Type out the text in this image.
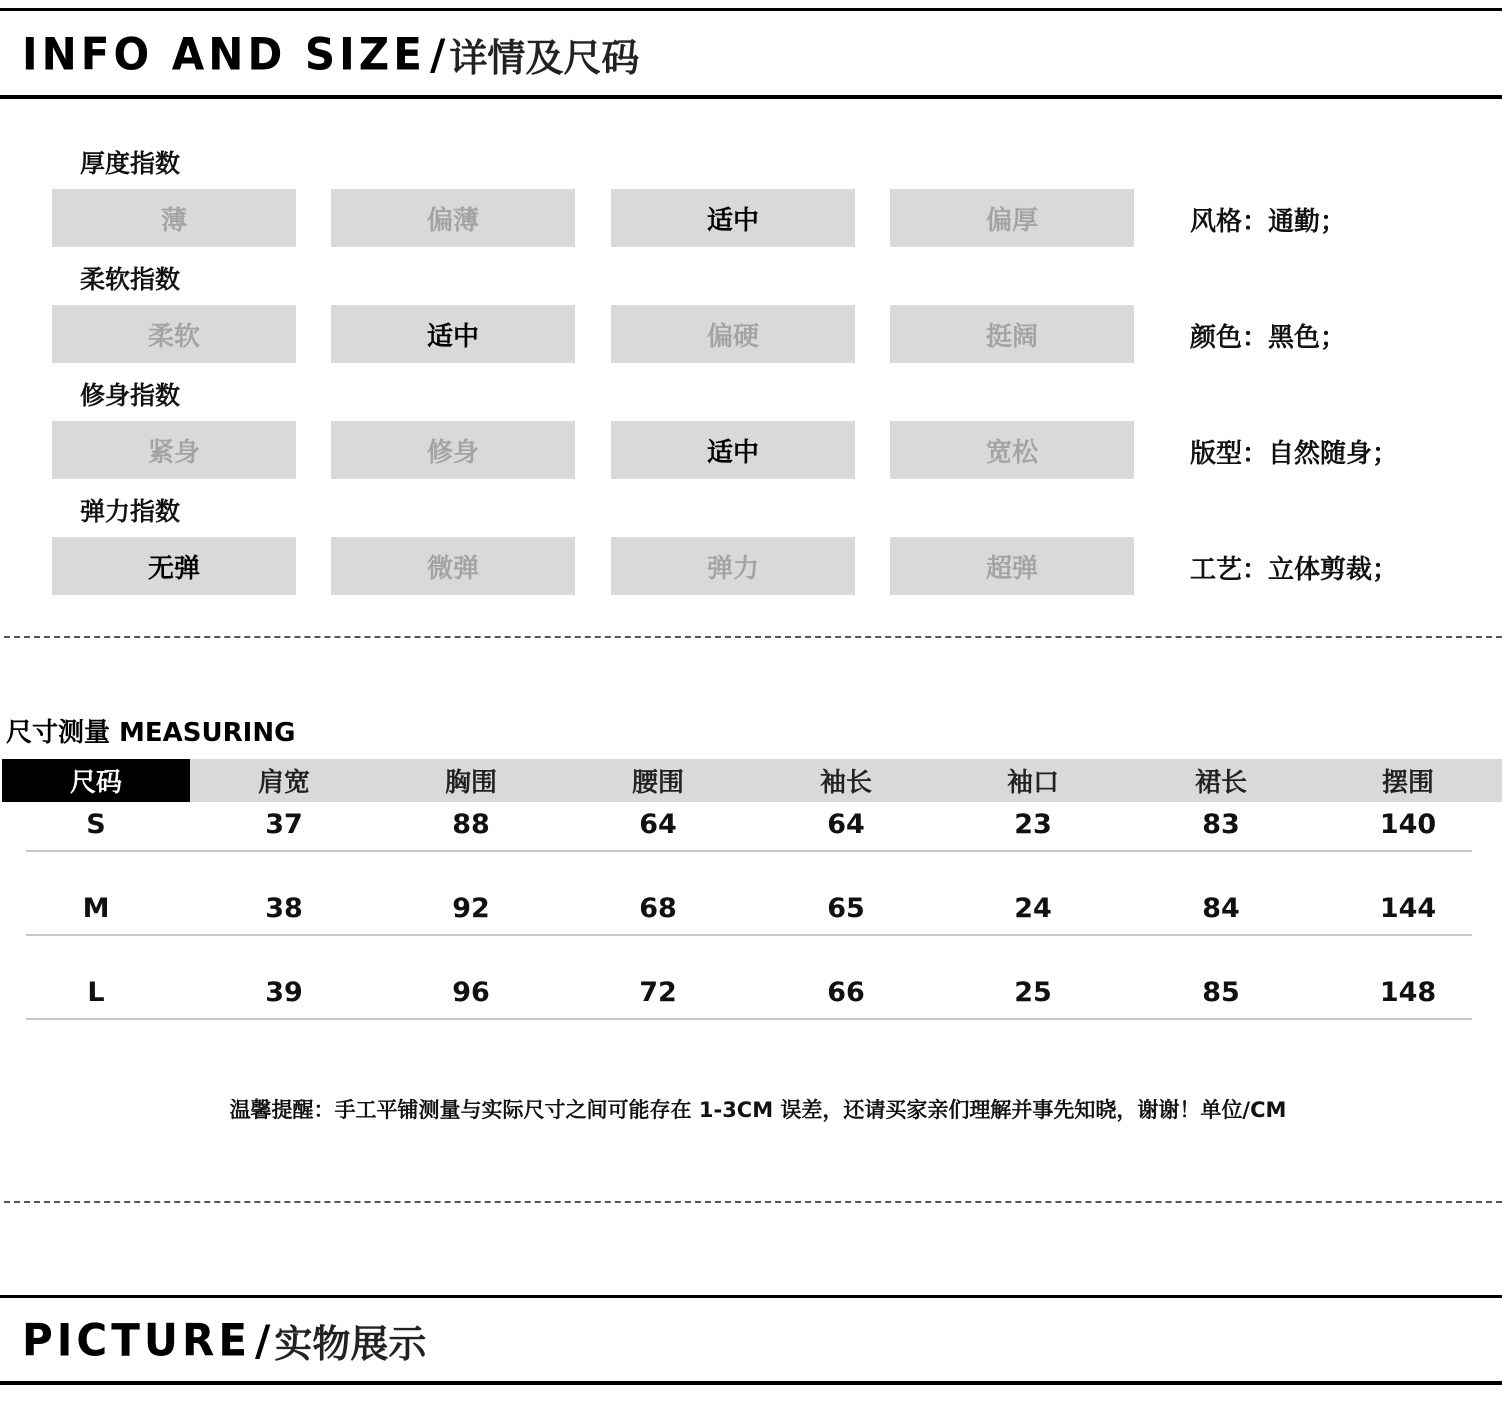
INFO AND SIZE / 详情及尺码
厚度指数
薄	偏薄	适中	偏厚	风格：通勤；
柔软指数
柔软	适中	偏硬	挺阔	颜色：黑色；
修身指数
紧身	修身	适中	宽松	版型：自然随身；
弹力指数
无弹	微弹	弹力	超弹	工艺：立体剪裁；
尺寸测量 MEASURING
尺码	肩宽	胸围	腰围	袖长	袖口	裙长	摆围
S	37	88	64	64	23	83	140
M	38	92	68	65	24	84	144
L	39	96	72	66	25	85	148
温馨提醒：手工平铺测量与实际尺寸之间可能存在 1-3CM 误差，还请买家亲们理解并事先知晓，谢谢！单位/CM
PICTURE / 实物展示
